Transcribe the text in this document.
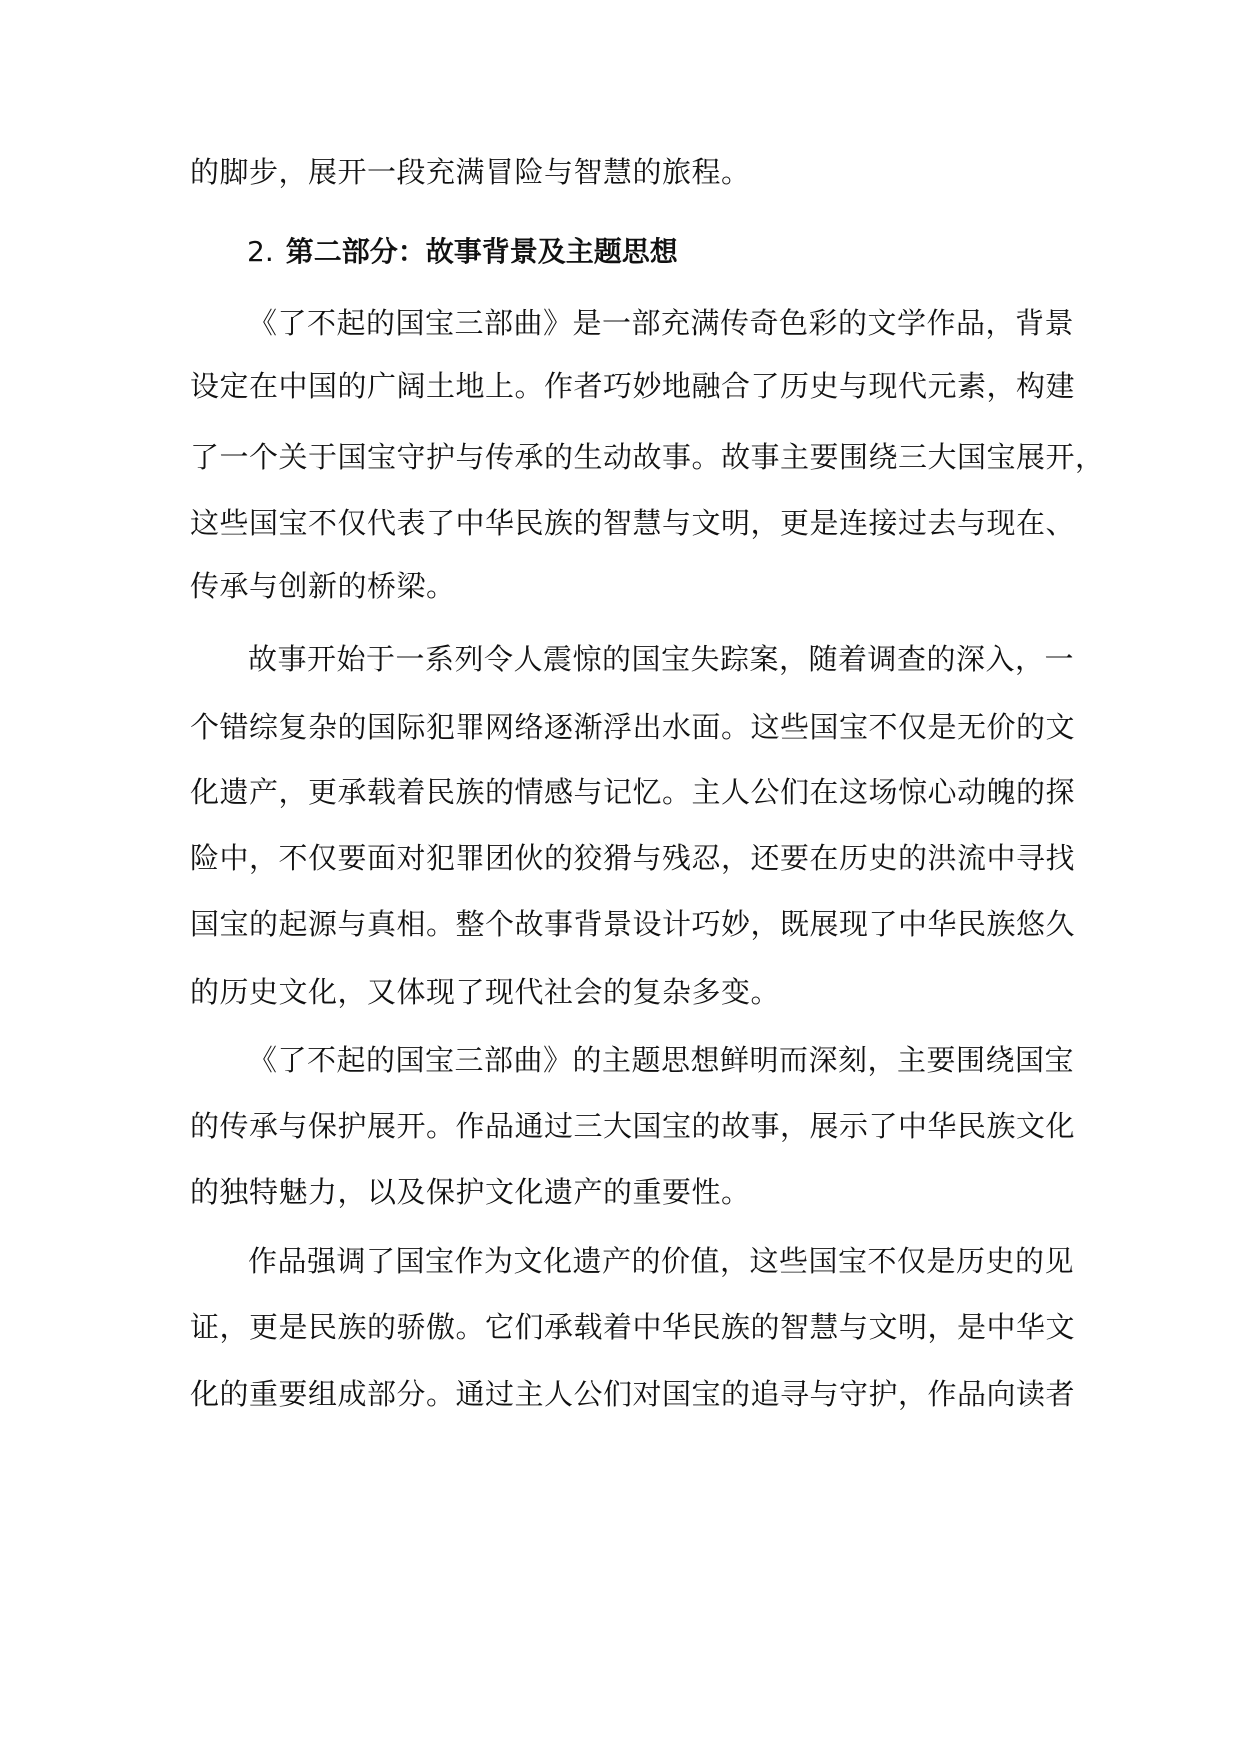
的脚步，展开一段充满冒险与智慧的旅程。
2. 第二部分：故事背景及主题思想
《了不起的国宝三部曲》是一部充满传奇色彩的文学作品，背景
设定在中国的广阔土地上。作者巧妙地融合了历史与现代元素，构建
了一个关于国宝守护与传承的生动故事。故事主要围绕三大国宝展开，
这些国宝不仅代表了中华民族的智慧与文明，更是连接过去与现在、
传承与创新的桥梁。
故事开始于一系列令人震惊的国宝失踪案，随着调查的深入，一
个错综复杂的国际犯罪网络逐渐浮出水面。这些国宝不仅是无价的文
化遗产，更承载着民族的情感与记忆。主人公们在这场惊心动魄的探
险中，不仅要面对犯罪团伙的狡猾与残忍，还要在历史的洪流中寻找
国宝的起源与真相。整个故事背景设计巧妙，既展现了中华民族悠久
的历史文化，又体现了现代社会的复杂多变。
《了不起的国宝三部曲》的主题思想鲜明而深刻，主要围绕国宝
的传承与保护展开。作品通过三大国宝的故事，展示了中华民族文化
的独特魅力，以及保护文化遗产的重要性。
作品强调了国宝作为文化遗产的价值，这些国宝不仅是历史的见
证，更是民族的骄傲。它们承载着中华民族的智慧与文明，是中华文
化的重要组成部分。通过主人公们对国宝的追寻与守护，作品向读者
